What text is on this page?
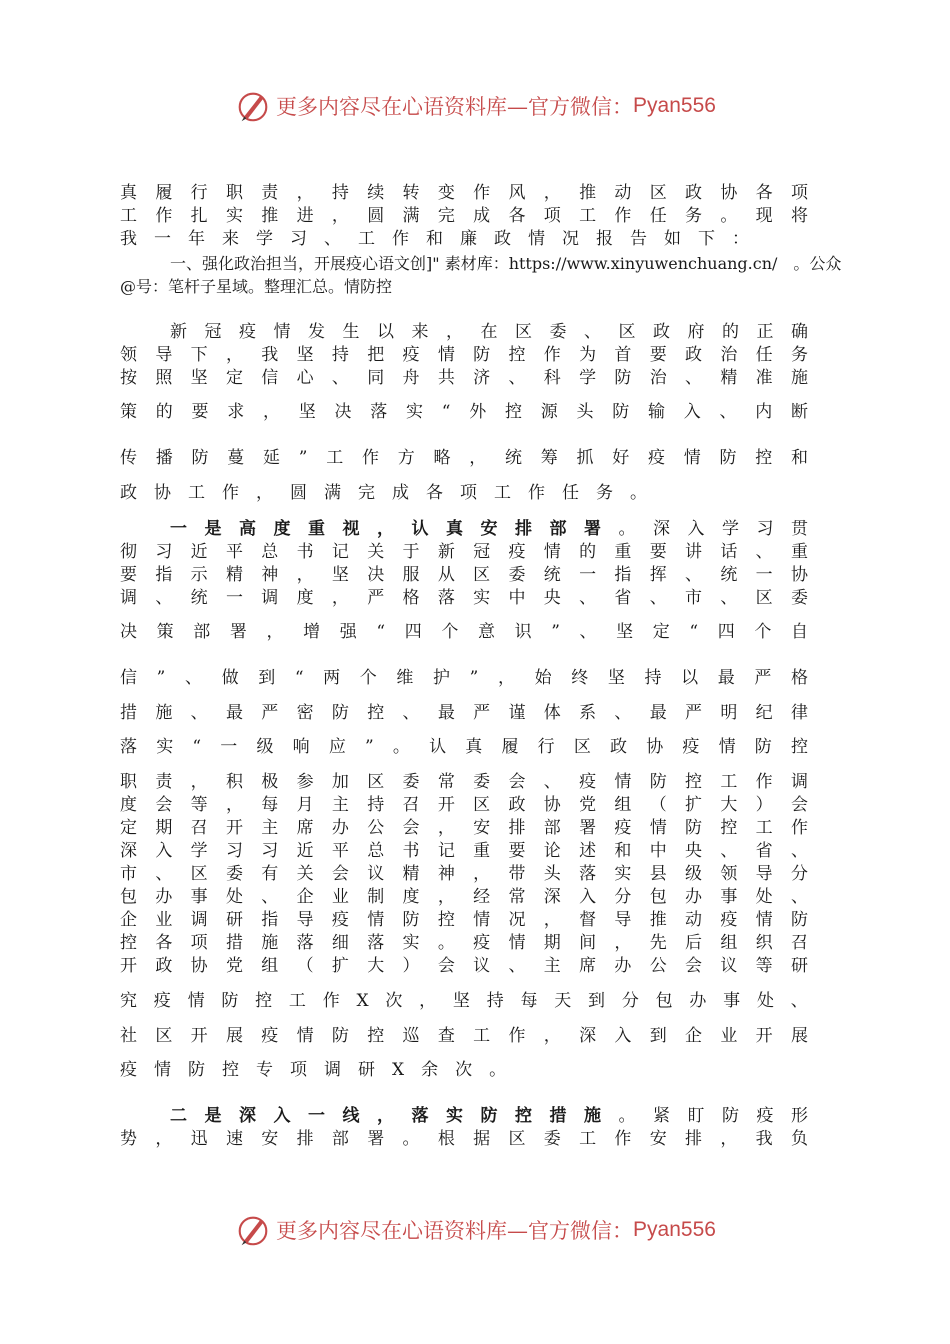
更多内容尽在心语资料库—官方微信： Pyan556
一、强化政治担当，开展疫心语文创]" 素材库：https://www.xinyuwenchuang.cn/　。公众
@号：笔杆子星域。整理汇总。情防控
真 履 行 职 责 ， 持 续 转 变 作 风 ， 推 动 区 政 协 各 项
工 作 扎 实 推 进 ， 圆 满 完 成 各 项 工 作 任 务 。 现 将
我 一 年 来 学 习 、 工 作 和 廉 政 情 况 报 告 如 下 ：
新 冠 疫 情 发 生 以 来 ， 在 区 委 、 区 政 府 的 正 确
领 导 下 ， 我 坚 持 把 疫 情 防 控 作 为 首 要 政 治 任 务
按 照 坚 定 信 心 、 同 舟 共 济 、 科 学 防 治 、 精 准 施
策 的 要 求 ， 坚 决 落 实 “ 外 控 源 头 防 输 入 、 内 断
传 播 防 蔓 延 ” 工 作 方 略 ， 统 筹 抓 好 疫 情 防 控 和
政 协 工 作 ， 圆 满 完 成 各 项 工 作 任 务 。
一 是 高 度 重 视 ， 认 真 安 排 部 署 。 深 入 学 习 贯
彻 习 近 平 总 书 记 关 于 新 冠 疫 情 的 重 要 讲 话 、 重
要 指 示 精 神 ， 坚 决 服 从 区 委 统 一 指 挥 、 统 一 协
调 、 统 一 调 度 ， 严 格 落 实 中 央 、 省 、 市 、 区 委
决 策 部 署 ， 增 强 “ 四 个 意 识 ” 、 坚 定 “ 四 个 自
信 ” 、 做 到 “ 两 个 维 护 ” ， 始 终 坚 持 以 最 严 格
措 施 、 最 严 密 防 控 、 最 严 谨 体 系 、 最 严 明 纪 律
落 实 “ 一 级 响 应 ” 。 认 真 履 行 区 政 协 疫 情 防 控
职 责 ， 积 极 参 加 区 委 常 委 会 、 疫 情 防 控 工 作 调
度 会 等 ， 每 月 主 持 召 开 区 政 协 党 组 （ 扩 大 ） 会
定 期 召 开 主 席 办 公 会 ， 安 排 部 署 疫 情 防 控 工 作
深 入 学 习 习 近 平 总 书 记 重 要 论 述 和 中 央 、 省 、
市 、 区 委 有 关 会 议 精 神 ， 带 头 落 实 县 级 领 导 分
包 办 事 处 、 企 业 制 度 ， 经 常 深 入 分 包 办 事 处 、
企 业 调 研 指 导 疫 情 防 控 情 况 ， 督 导 推 动 疫 情 防
控 各 项 措 施 落 细 落 实 。 疫 情 期 间 ， 先 后 组 织 召
开 政 协 党 组 （ 扩 大 ） 会 议 、 主 席 办 公 会 议 等 研
究 疫 情 防 控 工 作 X 次 ， 坚 持 每 天 到 分 包 办 事 处 、
社 区 开 展 疫 情 防 控 巡 查 工 作 ， 深 入 到 企 业 开 展
疫 情 防 控 专 项 调 研 X 余 次 。
二 是 深 入 一 线 ， 落 实 防 控 措 施 。 紧 盯 防 疫 形
势 ， 迅 速 安 排 部 署 。 根 据 区 委 工 作 安 排 ， 我 负
更多内容尽在心语资料库—官方微信： Pyan556
